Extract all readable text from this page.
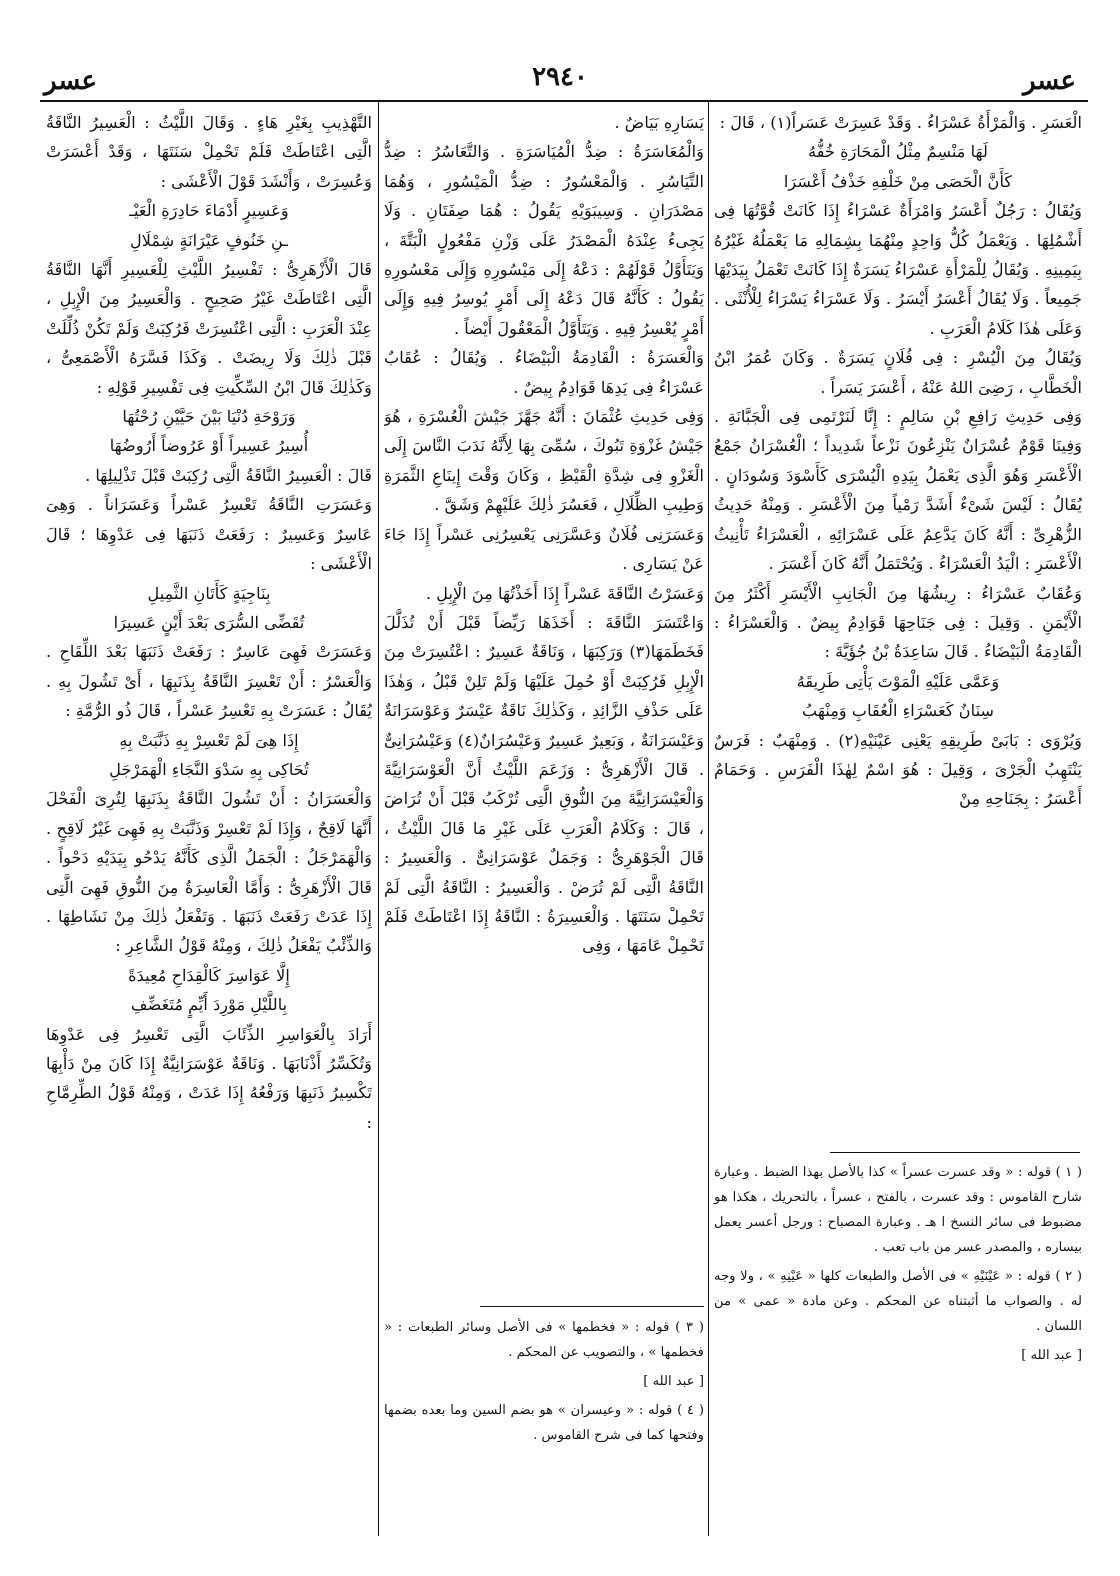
عسر	٢٩٤٠	عسر

الْعَسَرِ . وَالْمَرْأَةُ عَسْرَاءُ . وَقَدْ عَسِرَتْ عَسَراً(١) ، قَالَ :

لَهَا مَنْسِمٌ مِثْلُ الْمَحَارَةِ خُفُّهُ

كَأَنَّ الْحَصَى مِنْ خَلْفِهِ خَذْفُ أَعْسَرَا

وَيُقَالُ : رَجُلٌ أَعْسَرُ وَامْرَأَةٌ عَسْرَاءُ إِذَا كَانَتْ قُوَّتُهَا فِى أَشْمُلِهَا . وَيَعْمَلُ كُلُّ وَاحِدٍ مِنْهُمَا بِشِمَالِهِ مَا يَعْمَلُهُ غَيْرُهُ بِيَمِينِهِ . وَيُقَالُ لِلْمَرْأَةِ عَسْرَاءُ يَسَرَةٌ إِذَا كَانَتْ تَعْمَلُ بِيَدَيْهَا جَمِيعاً . وَلَا يُقَالُ أَعْسَرُ أَيْسَرُ . وَلَا عَسْرَاءُ يَسْرَاءُ لِلْأُنْثَى . وَعَلَى هٰذَا كَلَامُ الْعَرَبِ .

وَيُقَالُ مِنَ الْيُسْرِ : فِى فُلَانٍ يَسَرَةٌ . وَكَانَ عُمَرُ ابْنُ الْخَطَّابِ ، رَضِىَ اللهُ عَنْهُ ، أَعْسَرَ يَسَراً .

وَفِى حَدِيثِ رَافِعِ بْنِ سَالِمٍ : إِنَّا لَنَرْتَمِى فِى الْجَبَّانَةِ . وَفِينَا قَوْمٌ عُسْرَانٌ يَنْزِعُونَ نَزْعاً شَدِيداً ؛ الْعُسْرَانُ جَمْعُ الْأَعْسَرِ وَهُوَ الَّذِى يَعْمَلُ بِيَدِهِ الْيُسْرَى كَأَسْوَدَ وَسُودَانٍ . يُقَالُ : لَيْسَ شَىْءٌ أَشَدَّ رَمْياً مِنَ الْأَعْسَرِ . وَمِنْهُ حَدِيثُ الزُّهْرِىِّ : أَنَّهُ كَانَ يَدَّعِمُ عَلَى عَسْرَائِهِ ، الْعَسْرَاءُ تَأْنِيثُ الْأَعْسَرِ : الْيَدُ الْعَسْرَاءُ . وَيُحْتَمَلُ أَنَّهُ كَانَ أَعْسَرَ .

وَعُقَابٌ عَسْرَاءُ : رِيشُهَا مِنَ الْجَانِبِ الْأَيْسَرِ أَكْثَرُ مِنَ الْأَيْمَنِ . وَقِيلَ : فِى جَنَاحِهَا قَوَادِمُ بِيضٌ . وَالْعَسْرَاءُ : الْقَادِمَةُ الْبَيْضَاءُ . قَالَ سَاعِدَةُ بْنُ جُؤَيَّةَ :

وَعَمَّى عَلَيْهِ الْمَوْتَ يَأْتِى طَرِيقَهُ

سِنَانٌ كَعَسْرَاءِ الْعُقَابِ وَمِنْهَبُ

وَيُرْوَى : بَابَىْ طَرِيقِهِ يَعْنِى عَيْنَيْهِ(٢) . وَمِنْهَبٌ : فَرَسٌ يَنْتَهِبُ الْجَرْىَ ، وَقِيلَ : هُوَ اسْمٌ لِهٰذَا الْفَرَسِ . وَحَمَامٌ أَعْسَرُ : بِجَنَاحِهِ مِنْ

( ١ ) قوله : « وقد عسرت عسراً » كذا بالأصل بهذا الضبط . وعبارة شارح القاموس : وقد عسرت ، بالفتح ، عسراً ، بالتحريك ، هكذا هو مضبوط فى سائر النسخ ا هـ . وعبارة المصباح : ورجل أعسر يعمل بيساره ، والمصدر عسر من باب تعب .

( ٢ ) قوله : « عَيْنَيْهِ » فى الأصل والطبعات كلها « عَيْنِهِ » ، ولا وجه له . والصواب ما أثبتناه عن المحكم . وعن مادة « عمى » من اللسان .

[ عبد الله ]

يَسَارِهِ بَيَاضٌ .

وَالْمُعَاسَرَةُ : ضِدُّ الْمُيَاسَرَةِ . وَالتَّعَاسُرُ : ضِدُّ التَّيَاسُرِ . وَالْمَعْسُورُ : ضِدُّ الْمَيْسُورِ ، وَهُمَا مَصْدَرَانِ . وَسِيبَوَيْهِ يَقُولُ : هُمَا صِفَتَانِ . وَلَا يَجِىءُ عِنْدَهُ الْمَصْدَرُ عَلَى وَزْنِ مَفْعُولٍ الْبَتَّةَ ، وَيَتَأَوَّلُ قَوْلَهُمْ : دَعْهُ إِلَى مَيْسُورِهِ وَإِلَى مَعْسُورِهِ يَقُولُ : كَأَنَّهُ قَالَ دَعْهُ إِلَى أَمْرٍ يُوسِرُ فِيهِ وَإِلَى أَمْرٍ يُعْسِرُ فِيهِ . وَيَتَأَوَّلُ الْمَعْقُولَ أَيْضاً .

وَالْعَسَرَةُ : الْقَادِمَةُ الْبَيْضَاءُ . وَيُقَالُ : عُقَابٌ عَسْرَاءُ فِى يَدِهَا قَوَادِمُ بِيضٌ .

وَفِى حَدِيثِ عُثْمَانَ : أَنَّهُ جَهَّزَ جَيْشَ الْعُسْرَةِ ، هُوَ جَيْشُ غَزْوَةِ تَبُوكَ ، سُمِّىَ بِهَا لِأَنَّهُ نَدَبَ النَّاسَ إِلَى الْغَزْوِ فِى شِدَّةِ الْقَيْظِ ، وَكَانَ وَقْتَ إِينَاعِ الثَّمَرَةِ وَطِيبِ الظِّلَالِ ، فَعَسُرَ ذٰلِكَ عَلَيْهِمْ وَشَقَّ .

وَعَسَرَنِى فُلَانٌ وَعَسَّرَنِى يَعْسِرُنِى عَسْراً إِذَا جَاءَ عَنْ يَسَارِى .

وَعَسَرْتُ النَّاقَةَ عَسْراً إِذَا أَخَذْتُهَا مِنَ الْإِبِلِ .

وَاعْتَسَرَ النَّاقَةَ : أَخَذَهَا رَيِّضاً قَبْلَ أَنْ تُذَلَّلَ فَخَطَمَهَا(٣) وَرَكِبَهَا ، وَنَاقَةٌ عَسِيرٌ : اعْتُسِرَتْ مِنَ الْإِبِلِ فَرُكِبَتْ أَوْ حُمِلَ عَلَيْهَا وَلَمْ تَلِنْ قَبْلُ ، وَهٰذَا عَلَى حَذْفِ الزَّائِدِ ، وَكَذٰلِكَ نَاقَةٌ عَيْسَرٌ وَعَوْسَرَانَةٌ وَعَيْسَرَانَةٌ ، وَبَعِيرٌ عَسِيرٌ وَعَيْسُرَانٌ(٤) وَعَيْسُرَانِىٌّ . قَالَ الْأَزْهَرِىُّ : وَزَعَمَ اللَّيْثُ أَنَّ الْعَوْسَرَانِيَّةَ وَالْعَيْسَرَانِيَّةَ مِنَ النُّوقِ الَّتِى تُرْكَبُ قَبْلَ أَنْ تُرَاضَ ، قَالَ : وَكَلَامُ الْعَرَبِ عَلَى غَيْرِ مَا قَالَ اللَّيْثُ ، قَالَ الْجَوْهَرِىُّ : وَجَمَلٌ عَوْسَرَانِىٌّ . وَالْعَسِيرُ : النَّاقَةُ الَّتِى لَمْ تُرَضْ . وَالْعَسِيرُ : النَّاقَةُ الَّتِى لَمْ تَحْمِلْ سَنَتَهَا . وَالْعَسِيرَةُ : النَّاقَةُ إِذَا اعْتَاطَتْ فَلَمْ تَحْمِلْ عَامَهَا ، وَفِى

( ٣ ) قوله : « فخطمها » فى الأصل وسائر الطبعات : « فخطمها » ، والتصويب عن المحكم .

[ عبد الله ]

( ٤ ) قوله : « وعيسران » هو بضم السين وما بعده بضمها وفتحها كما فى شرح القاموس .

التَّهْذِيبِ بِغَيْرِ هَاءٍ . وَقَالَ اللَّيْثُ : الْعَسِيرُ النَّاقَةُ الَّتِى اعْتَاطَتْ فَلَمْ تَحْمِلْ سَنَتَهَا ، وَقَدْ أَعْسَرَتْ وَعُسِرَتْ ، وَأَنْشَدَ قَوْلَ الْأَعْشَى :

وَعَسِيرٍ أَدْمَاءَ حَادِرَةِ الْعَيْـ

ـنِ خَنُوفٍ عَيْرَانَةٍ شِمْلَالِ

قَالَ الْأَزْهَرِىُّ : تَفْسِيرُ اللَّيْثِ لِلْعَسِيرِ أَنَّهَا النَّاقَةُ الَّتِى اعْتَاطَتْ غَيْرُ صَحِيحٍ . وَالْعَسِيرُ مِنَ الْإِبِلِ ، عِنْدَ الْعَرَبِ : الَّتِى اعْتُسِرَتْ فَرُكِبَتْ وَلَمْ تَكُنْ ذُلِّلَتْ قَبْلَ ذٰلِكَ وَلَا رِيضَتْ . وَكَذَا فَسَّرَهُ الْأَصْمَعِىُّ ، وَكَذٰلِكَ قَالَ ابْنُ السِّكِّيتِ فِى تَفْسِيرِ قَوْلِهِ :

وَرَوْحَةِ دُنْيَا بَيْنَ حَيَّيْنِ رُحْتُهَا

أُسِيرُ عَسِيراً أَوْ عَرُوضاً أَرُوضُهَا

قَالَ : الْعَسِيرُ النَّاقَةُ الَّتِى رُكِبَتْ قَبْلَ تَذْلِيلِهَا .

وَعَسَرَتِ النَّاقَةُ تَعْسِرُ عَسْراً وَعَسَرَاناً . وَهِىَ عَاسِرٌ وَعَسِيرٌ : رَفَعَتْ ذَنَبَهَا فِى عَدْوِهَا ؛ قَالَ الْأَعْشَى :

بِنَاجِيَةٍ كَأَتَانِ الثَّمِيلِ

تُقَضِّى السُّرَى بَعْدَ أَيْنٍ عَسِيرَا

وَعَسَرَتْ فَهِىَ عَاسِرٌ : رَفَعَتْ ذَنَبَهَا بَعْدَ اللِّقَاحِ . وَالْعَسْرُ : أَنْ تَعْسِرَ النَّاقَةُ بِذَنَبِهَا ، أَىْ تَشُولَ بِهِ . يُقَالُ : عَسَرَتْ بِهِ تَعْسِرُ عَسْراً ، قَالَ ذُو الرُّمَّةِ :

إِذَا هِىَ لَمْ تَعْسِرْ بِهِ ذَنَّبَتْ بِهِ

تُحَاكِى بِهِ سَدْوَ النَّجَاءِ الْهَمَرْجَلِ

وَالْعَسَرَانُ : أَنْ تَشُولَ النَّاقَةُ بِذَنَبِهَا لِتُرِىَ الْفَحْلَ أَنَّهَا لَاقِحٌ ، وَإِذَا لَمْ تَعْسِرْ وَذَنَّبَتْ بِهِ فَهِىَ غَيْرُ لَاقِحٍ . وَالْهَمَرْجَلُ : الْجَمَلُ الَّذِى كَأَنَّهُ يَدْحُو بِيَدَيْهِ دَحْواً . قَالَ الْأَزْهَرِىُّ : وَأَمَّا الْعَاسِرَةُ مِنَ النُّوقِ فَهِىَ الَّتِى إِذَا عَدَتْ رَفَعَتْ ذَنَبَهَا . وَتَفْعَلُ ذٰلِكَ مِنْ نَشَاطِهَا . وَالذِّئْبُ يَفْعَلُ ذٰلِكَ ، وَمِنْهُ قَوْلُ الشَّاعِرِ :

إِلَّا عَوَاسِرَ كَالْقِدَاحِ مُعِيدَةً

بِاللَّيْلِ مَوْرِدَ أَيِّمٍ مُتَغَضِّفِ

أَرَادَ بِالْعَوَاسِرِ الذِّئَابَ الَّتِى تَعْسِرُ فِى عَدْوِهَا وَتُكَسِّرُ أَذْنَابَهَا . وَنَاقَةٌ عَوْسَرَانِيَّةٌ إِذَا كَانَ مِنْ دَأْبِهَا تَكْسِيرُ ذَنَبِهَا وَرَفْعُهُ إِذَا عَدَتْ ، وَمِنْهُ قَوْلُ الطِّرِمَّاحِ :
